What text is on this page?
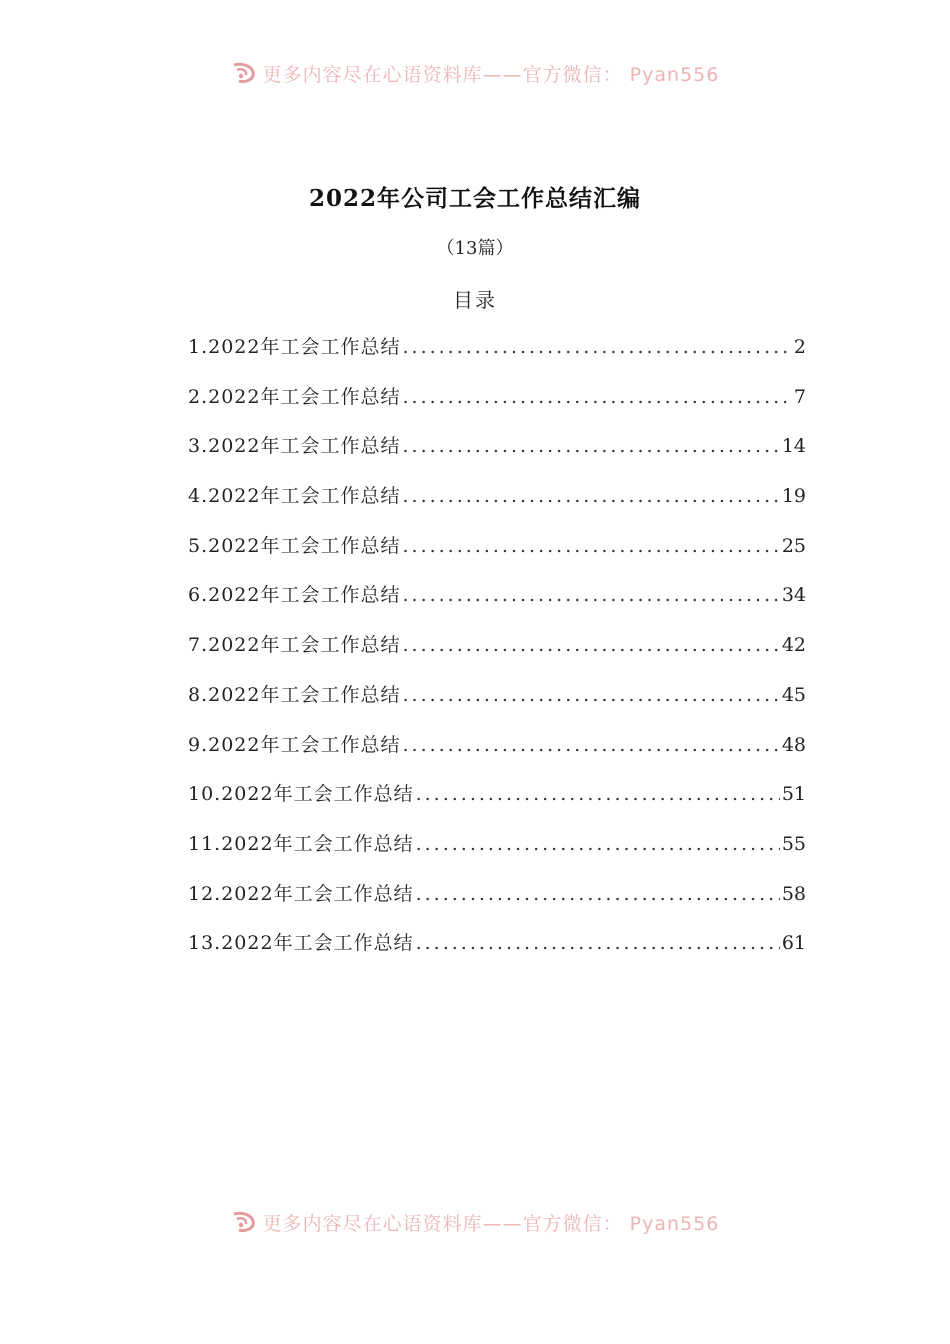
更多内容尽在心语资料库——官方微信： Pyan556
2022年公司工会工作总结汇编
（13篇）
目录
1.2022年工会工作总结 .....	2
2.2022年工会工作总结 .....	7
3.2022年工会工作总结 .....	14
4.2022年工会工作总结 .....	19
5.2022年工会工作总结 .....	25
6.2022年工会工作总结 .....	34
7.2022年工会工作总结 .....	42
8.2022年工会工作总结 .....	45
9.2022年工会工作总结 .....	48
10.2022年工会工作总结 .....	51
11.2022年工会工作总结 .....	55
12.2022年工会工作总结 .....	58
13.2022年工会工作总结 .....	61
更多内容尽在心语资料库——官方微信： Pyan556
